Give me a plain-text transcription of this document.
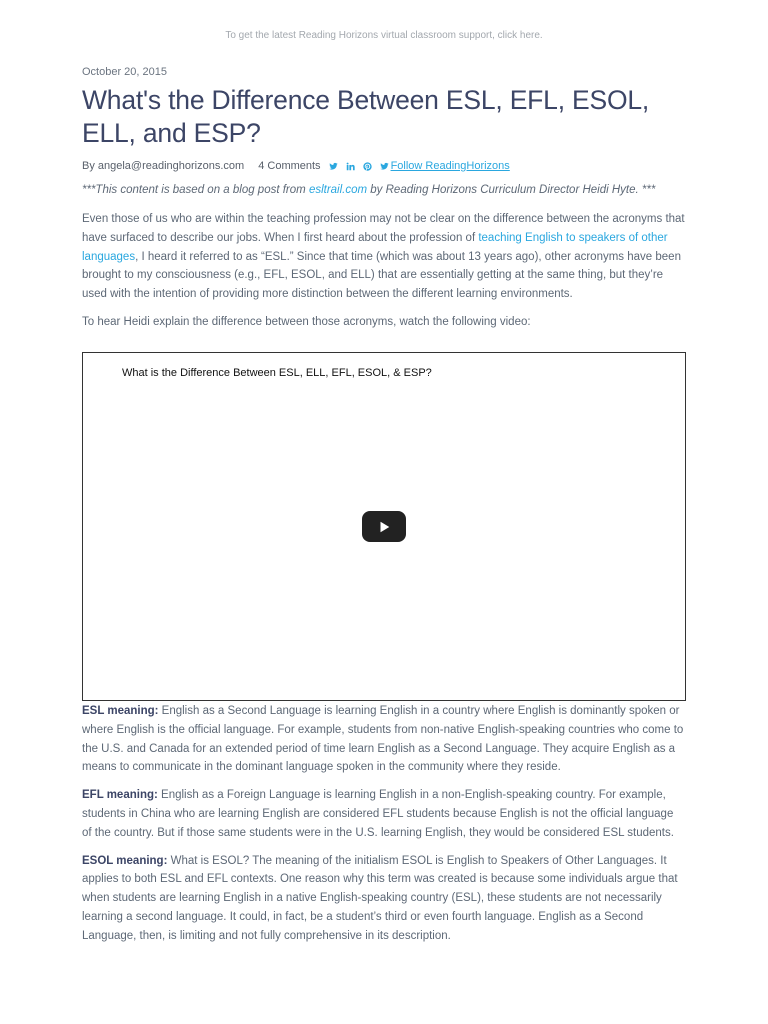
To get the latest Reading Horizons virtual classroom support, click here.
October 20, 2015
What's the Difference Between ESL, EFL, ESOL, ELL, and ESP?
By angela@readinghorizons.com 4 Comments	Follow ReadingHorizons

***This content is based on a blog post from esltrail.com by Reading Horizons Curriculum Director Heidi Hyte. ***

Even those of us who are within the teaching profession may not be clear on the difference between the acronyms that have surfaced to describe our jobs. When I first heard about the profession of teaching English to speakers of other languages, I heard it referred to as “ESL.” Since that time (which was about 13 years ago), other acronyms have been brought to my consciousness (e.g., EFL, ESOL, and ELL) that are essentially getting at the same thing, but they’re used with the intention of providing more distinction between the different learning environments.

To hear Heidi explain the difference between those acronyms, watch the following video:

What is the Difference Between ESL, ELL, EFL, ESOL, & ESP?

ESL meaning: English as a Second Language is learning English in a country where English is dominantly spoken or where English is the official language. For example, students from non-native English-speaking countries who come to the U.S. and Canada for an extended period of time learn English as a Second Language. They acquire English as a means to communicate in the dominant language spoken in the community where they reside.

EFL meaning: English as a Foreign Language is learning English in a non-English-speaking country. For example, students in China who are learning English are considered EFL students because English is not the official language of the country. But if those same students were in the U.S. learning English, they would be considered ESL students.

ESOL meaning: What is ESOL? The meaning of the initialism ESOL is English to Speakers of Other Languages. It applies to both ESL and EFL contexts. One reason why this term was created is because some individuals argue that when students are learning English in a native English-speaking country (ESL), these students are not necessarily learning a second language. It could, in fact, be a student’s third or even fourth language. English as a Second Language, then, is limiting and not fully comprehensive in its description.
